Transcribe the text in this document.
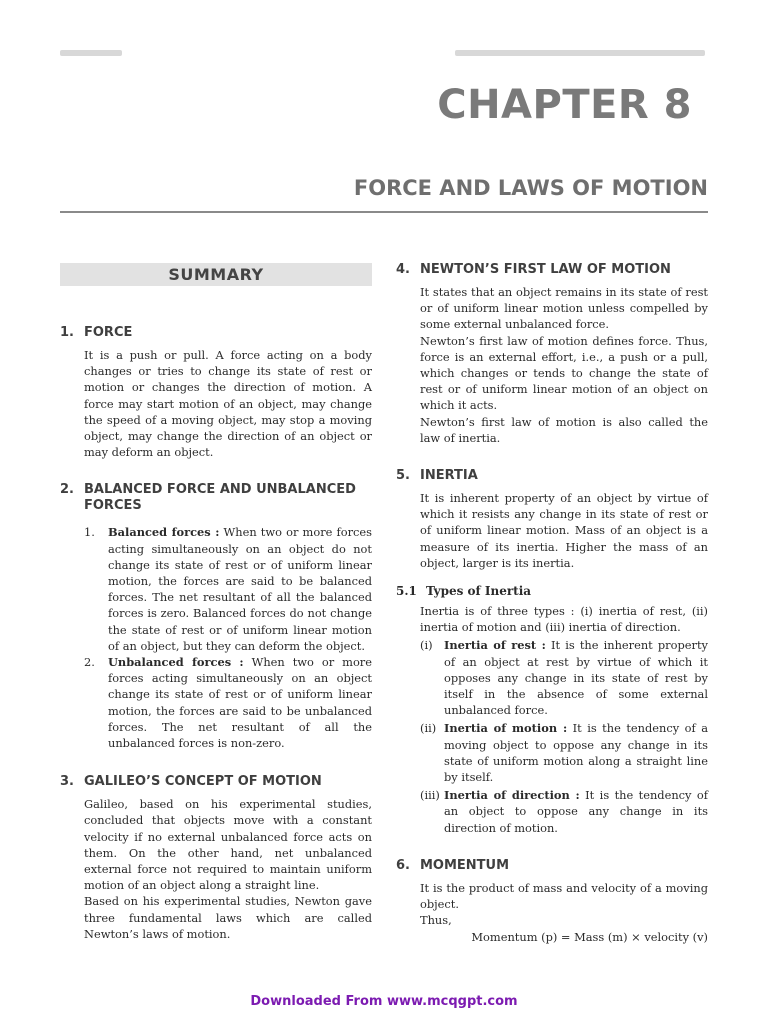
CHAPTER 8
FORCE AND LAWS OF MOTION
SUMMARY
1. FORCE
It is a push or pull. A force acting on a body changes or tries to change its state of rest or motion or changes the direction of motion. A force may start motion of an object, may change the speed of a moving object, may stop a moving object, may change the direction of an object or may deform an object.
2. BALANCED FORCE AND UNBALANCED FORCES
1.	Balanced forces : When two or more forces acting simultaneously on an object do not change its state of rest or of uniform linear motion, the forces are said to be balanced forces. The net resultant of all the balanced forces is zero. Balanced forces do not change the state of rest or of uniform linear motion of an object, but they can deform the object.
2.	Unbalanced forces : When two or more forces acting simultaneously on an object change its state of rest or of uniform linear motion, the forces are said to be unbalanced forces. The net resultant of all the unbalanced forces is non-zero.
3. GALILEO’S CONCEPT OF MOTION
Galileo, based on his experimental studies, concluded that objects move with a constant velocity if no external unbalanced force acts on them. On the other hand, net unbalanced external force not required to maintain uniform motion of an object along a straight line.
Based on his experimental studies, Newton gave three fundamental laws which are called Newton’s laws of motion.
4. NEWTON’S FIRST LAW OF MOTION
It states that an object remains in its state of rest or of uniform linear motion unless compelled by some external unbalanced force.
Newton’s first law of motion defines force. Thus, force is an external effort, i.e., a push or a pull, which changes or tends to change the state of rest or of uniform linear motion of an object on which it acts.
Newton’s first law of motion is also called the law of inertia.
5. INERTIA
It is inherent property of an object by virtue of which it resists any change in its state of rest or of uniform linear motion. Mass of an object is a measure of its inertia. Higher the mass of an object, larger is its inertia.
5.1 Types of Inertia
Inertia is of three types : (i) inertia of rest, (ii) inertia of motion and (iii) inertia of direction.
(i)	Inertia of rest : It is the inherent property of an object at rest by virtue of which it opposes any change in its state of rest by itself in the absence of some external unbalanced force.
(ii) Inertia of motion : It is the tendency of a moving object to oppose any change in its state of uniform motion along a straight line by itself.
(iii) Inertia of direction : It is the tendency of an object to oppose any change in its direction of motion.
6. MOMENTUM
It is the product of mass and velocity of a moving object.
Thus,
Momentum (p) = Mass (m) × velocity (v)
Downloaded From www.mcqgpt.com
